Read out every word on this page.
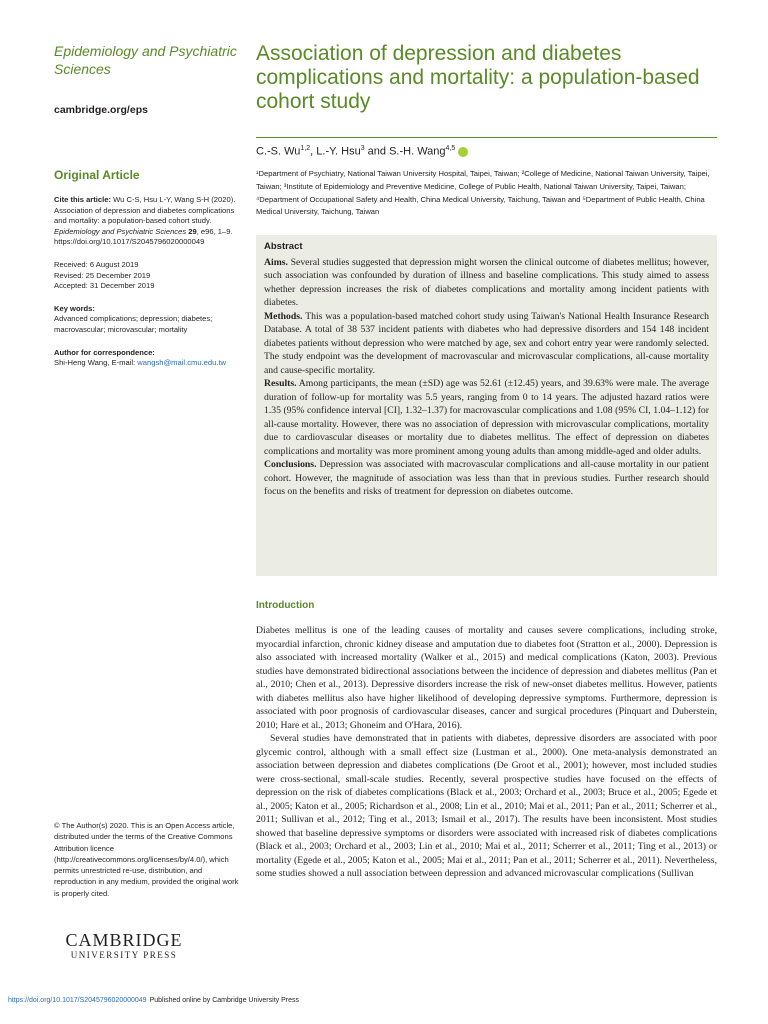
Epidemiology and Psychiatric Sciences
cambridge.org/eps
Association of depression and diabetes complications and mortality: a population-based cohort study
C.-S. Wu$^{1,2}$, L.-Y. Hsu$^3$ and S.-H. Wang$^{4,5}$
¹Department of Psychiatry, National Taiwan University Hospital, Taipei, Taiwan; ²College of Medicine, National Taiwan University, Taipei, Taiwan; ³Institute of Epidemiology and Preventive Medicine, College of Public Health, National Taiwan University, Taipei, Taiwan; ⁴Department of Occupational Safety and Health, China Medical University, Taichung, Taiwan and ⁵Department of Public Health, China Medical University, Taichung, Taiwan
Original Article
Cite this article: Wu C-S, Hsu L-Y, Wang S-H (2020). Association of depression and diabetes complications and mortality: a population-based cohort study. Epidemiology and Psychiatric Sciences 29, e96, 1–9. https://doi.org/10.1017/S2045796020000049
Received: 6 August 2019
Revised: 25 December 2019
Accepted: 31 December 2019
Key words:
Advanced complications; depression; diabetes; macrovascular; microvascular; mortality
Author for correspondence:
Shi-Heng Wang, E-mail: wangsh@mail.cmu.edu.tw
Abstract

Aims. Several studies suggested that depression might worsen the clinical outcome of diabetes mellitus; however, such association was confounded by duration of illness and baseline complications. This study aimed to assess whether depression increases the risk of diabetes complications and mortality among incident patients with diabetes.

Methods. This was a population-based matched cohort study using Taiwan's National Health Insurance Research Database. A total of 38 537 incident patients with diabetes who had depressive disorders and 154 148 incident diabetes patients without depression who were matched by age, sex and cohort entry year were randomly selected. The study endpoint was the development of macrovascular and microvascular complications, all-cause mortality and cause-specific mortality.

Results. Among participants, the mean (±SD) age was 52.61 (±12.45) years, and 39.63% were male. The average duration of follow-up for mortality was 5.5 years, ranging from 0 to 14 years. The adjusted hazard ratios were 1.35 (95% confidence interval [CI], 1.32–1.37) for macrovascular complications and 1.08 (95% CI, 1.04–1.12) for all-cause mortality. However, there was no association of depression with microvascular complications, mortality due to cardiovascular diseases or mortality due to diabetes mellitus. The effect of depression on diabetes complications and mortality was more prominent among young adults than among middle-aged and older adults.

Conclusions. Depression was associated with macrovascular complications and all-cause mortality in our patient cohort. However, the magnitude of association was less than that in previous studies. Further research should focus on the benefits and risks of treatment for depression on diabetes outcome.

Introduction

Diabetes mellitus is one of the leading causes of mortality and causes severe complications, including stroke, myocardial infarction, chronic kidney disease and amputation due to diabetes foot (Stratton et al., 2000). Depression is also associated with increased mortality (Walker et al., 2015) and medical complications (Katon, 2003). Previous studies have demonstrated bidirectional associations between the incidence of depression and diabetes mellitus (Pan et al., 2010; Chen et al., 2013). Depressive disorders increase the risk of new-onset diabetes mellitus. However, patients with diabetes mellitus also have higher likelihood of developing depressive symptoms. Furthermore, depression is associated with poor prognosis of cardiovascular diseases, cancer and surgical procedures (Pinquart and Duberstein, 2010; Hare et al., 2013; Ghoneim and O'Hara, 2016).

Several studies have demonstrated that in patients with diabetes, depressive disorders are associated with poor glycemic control, although with a small effect size (Lustman et al., 2000). One meta-analysis demonstrated an association between depression and diabetes complications (De Groot et al., 2001); however, most included studies were cross-sectional, small-scale studies. Recently, several prospective studies have focused on the effects of depression on the risk of diabetes complications (Black et al., 2003; Orchard et al., 2003; Bruce et al., 2005; Egede et al., 2005; Katon et al., 2005; Richardson et al., 2008; Lin et al., 2010; Mai et al., 2011; Pan et al., 2011; Scherrer et al., 2011; Sullivan et al., 2012; Ting et al., 2013; Ismail et al., 2017). The results have been inconsistent. Most studies showed that baseline depressive symptoms or disorders were associated with increased risk of diabetes complications (Black et al., 2003; Orchard et al., 2003; Lin et al., 2010; Mai et al., 2011; Scherrer et al., 2011; Ting et al., 2013) or mortality (Egede et al., 2005; Katon et al., 2005; Mai et al., 2011; Pan et al., 2011; Scherrer et al., 2011). Nevertheless, some studies showed a null association between depression and advanced microvascular complications (Sullivan

© The Author(s) 2020. This is an Open Access article, distributed under the terms of the Creative Commons Attribution licence (http://creativecommons.org/licenses/by/4.0/), which permits unrestricted re-use, distribution, and reproduction in any medium, provided the original work is properly cited.
CAMBRIDGE
UNIVERSITY PRESS
https://doi.org/10.1017/S2045796020000049 Published online by Cambridge University Press
